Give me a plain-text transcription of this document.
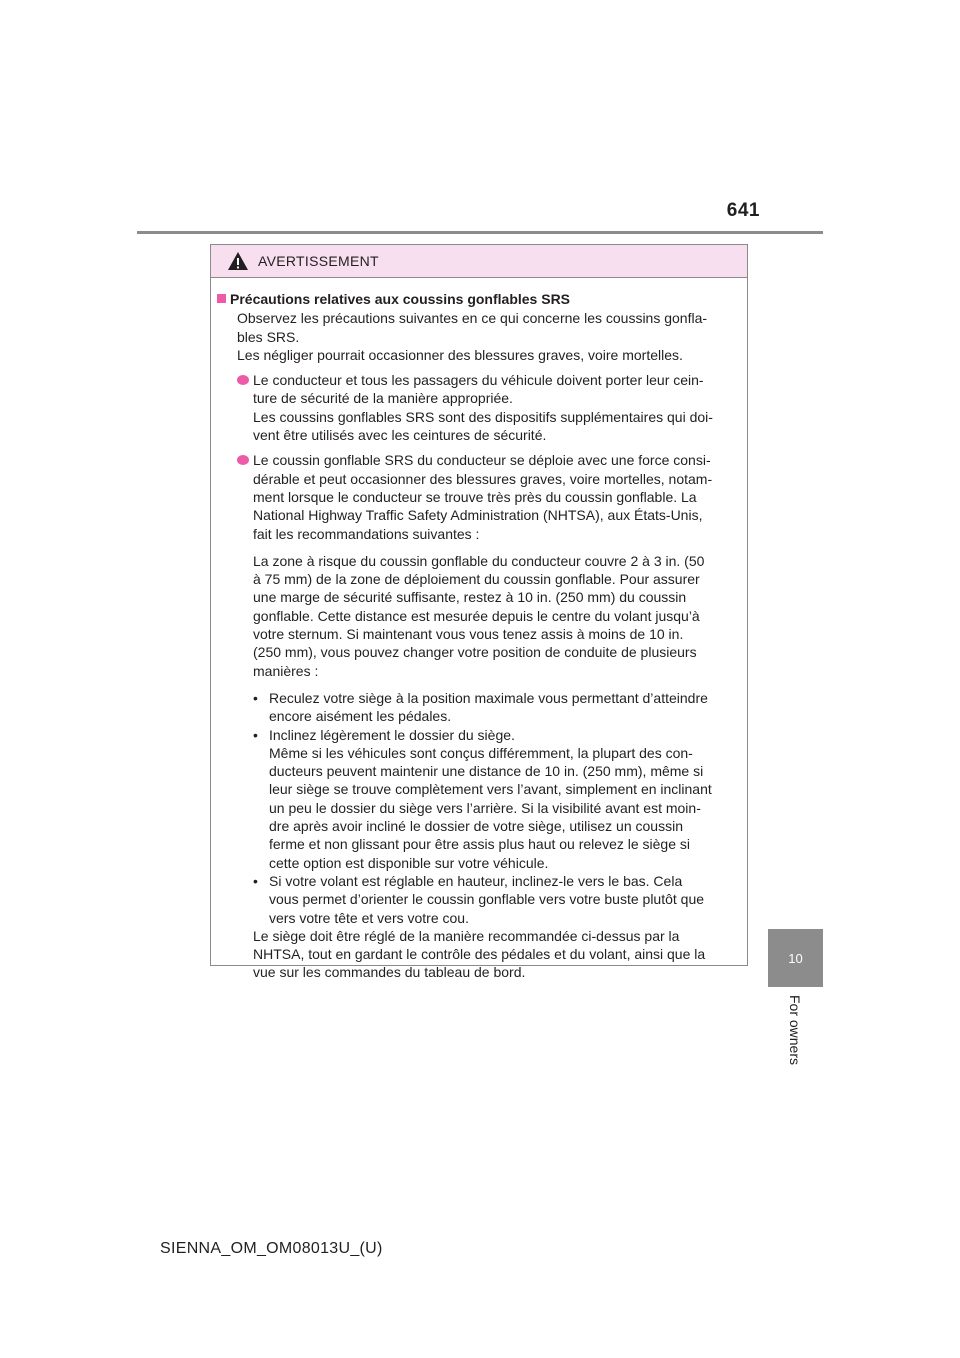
641
10
For owners
AVERTISSEMENT
Précautions relatives aux coussins gonflables SRS

Observez les précautions suivantes en ce qui concerne les coussins gonfla-

bles SRS.

Les négliger pourrait occasionner des blessures graves, voire mortelles.

Le conducteur et tous les passagers du véhicule doivent porter leur cein-

ture de sécurité de la manière appropriée.

Les coussins gonflables SRS sont des dispositifs supplémentaires qui doi-

vent être utilisés avec les ceintures de sécurité.

Le coussin gonflable SRS du conducteur se déploie avec une force consi-

dérable et peut occasionner des blessures graves, voire mortelles, notam-

ment lorsque le conducteur se trouve très près du coussin gonflable. La

National Highway Traffic Safety Administration (NHTSA), aux États-Unis,

fait les recommandations suivantes :

La zone à risque du coussin gonflable du conducteur couvre 2 à 3 in. (50

à 75 mm) de la zone de déploiement du coussin gonflable. Pour assurer

une marge de sécurité suffisante, restez à 10 in. (250 mm) du coussin

gonflable. Cette distance est mesurée depuis le centre du volant jusqu’à

votre sternum. Si maintenant vous vous tenez assis à moins de 10 in.

(250 mm), vous pouvez changer votre position de conduite de plusieurs

manières :

• Reculez votre siège à la position maximale vous permettant d’atteindre

encore aisément les pédales.

• Inclinez légèrement le dossier du siège.

Même si les véhicules sont conçus différemment, la plupart des con-

ducteurs peuvent maintenir une distance de 10 in. (250 mm), même si

leur siège se trouve complètement vers l’avant, simplement en inclinant

un peu le dossier du siège vers l’arrière. Si la visibilité avant est moin-

dre après avoir incliné le dossier de votre siège, utilisez un coussin

ferme et non glissant pour être assis plus haut ou relevez le siège si

cette option est disponible sur votre véhicule.

• Si votre volant est réglable en hauteur, inclinez-le vers le bas. Cela

vous permet d’orienter le coussin gonflable vers votre buste plutôt que

vers votre tête et vers votre cou.

Le siège doit être réglé de la manière recommandée ci-dessus par la

NHTSA, tout en gardant le contrôle des pédales et du volant, ainsi que la

vue sur les commandes du tableau de bord.

SIENNA_OM_OM08013U_(U)
